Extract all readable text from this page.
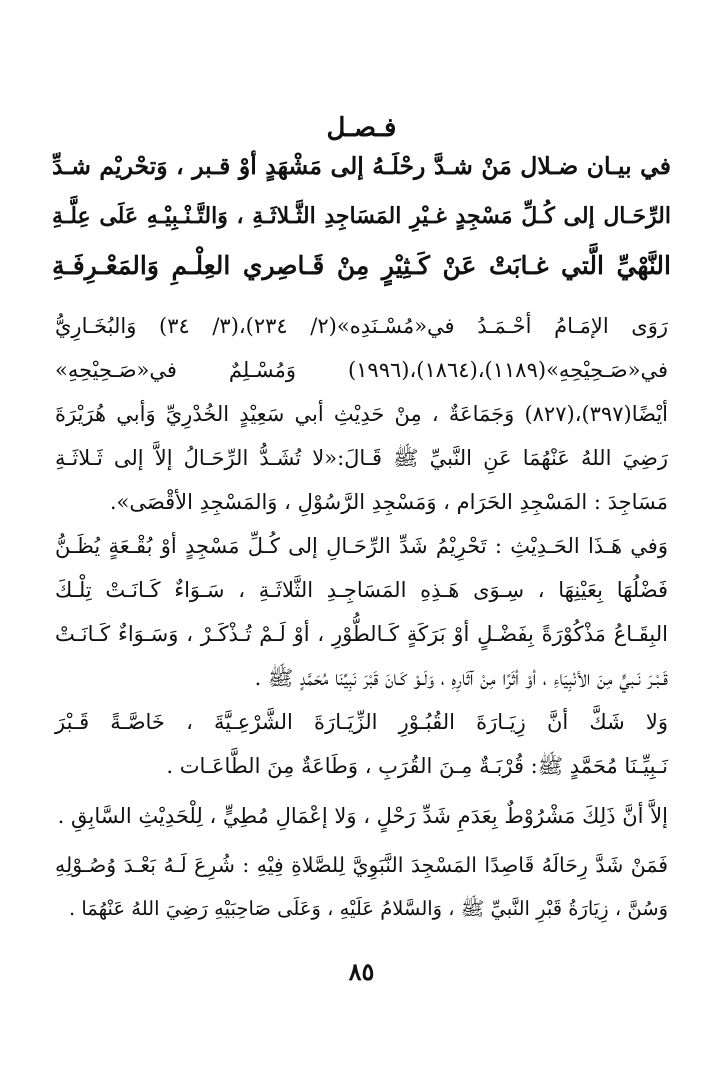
فـصـل
في بيـان ضـلال مَنْ شـدَّ رحْلَـهُ إلى مَشْهَدٍ أوْ قـبر ، وَتحْريْم شـدِّ
الرِّحَـال إلى كُـلِّ مَسْجِدٍ غـيْرِ المَسَاجِدِ الثَّـلاثَـةِ ، وَالتَّـنْـبِيْـهِ عَلَى عِلَّـةِ
النَّهْيِّ الَّتي غـابَتْ عَنْ كَـثِيْرٍ مِنْ قَـاصِري العِلْـمِ وَالمَعْـرِفَـةِ
رَوَى الإمَـامُ أحْـمَـدُ في«مُسْـنَدِه»(٢/ ٢٣٤)،(٣/ ٣٤) وَالبُخَـارِيُّ
في«صَـحِيْحِهِ»(١١٨٩)،(١٨٦٤)،(١٩٩٦) وَمُسْـلِمٌ في«صَـحِيْحِهِ»
أيْضًا(٣٩٧)،(٨٢٧) وَجَمَاعَةٌ ، مِنْ حَدِيْثِ أبي سَعِيْدٍ الخُدْرِيِّ وَأبي هُرَيْرَةَ
رَضِيَ اللهُ عَنْهُمَا عَنِ النَّبيِّ ﷺ قَـالَ:«لا تُشَـدُّ الرِّحَـالُ إلاَّ إلى ثَـلاثَـةِ
مَسَاجِدَ : المَسْجِدِ الحَرَام ، وَمَسْجِدِ الرَّسُوْلِ ، وَالمَسْجِدِ الأقْصَى».
وَفي هَـذَا الحَـدِيْثِ : تَحْرِيْمُ شَدِّ الرِّحَـالِ إلى كُـلِّ مَسْجِدٍ أوْ بُقْـعَةٍ يُظَـنُّ
فَضْلُهَا بِعَيْنِهَا ، سِـوَى هَـذِهِ المَسَاجِـدِ الثَّلاثَـةِ ، سَـوَاءٌ كَـانَـتْ تِلْـكَ
البِقَـاعُ مَذْكُوْرَةً بِفَضْـلٍ أوْ بَرَكَةٍ كَـالطُّوْرِ ، أوْ لَـمْ تُـذْكَـرْ ، وَسَـوَاءٌ كَـانَـتْ
قَـبْـرَ نَـبيٍّ مِنَ الأنْبِيَاءِ ، أوْ أثَرًا مِنْ آثَارِهِ ، وَلَـوْ كَـانَ قَبْرَ نَبِيِّنَا مُحَمَّدٍ ﷺ .
وَلا شَكَّ أنَّ زِيَـارَةَ القُبُـوْرِ الزِّيَـارَةَ الشَّرْعِـيَّةَ ، خَاصَّـةً قَـبْرَ
نَـبِيِّـنَا مُحَمَّدٍ ﷺ: قُرْبَـةٌ مِـنَ القُرَبِ ، وَطَاعَةٌ مِنَ الطَّاعَـات .
إلاَّ أنَّ ذَلِكَ مَشْرُوْطٌ بِعَدَمِ شَدِّ رَحْلٍ ، وَلا إعْمَالِ مُطِيٍّ ، لِلْحَدِيْثِ السَّابِقِ .
فَمَنْ شَدَّ رِحَالَهُ قَاصِدًا المَسْجِدَ النَّبَوِيَّ لِلصَّلاةِ فِيْهِ : شُرِعَ لَـهُ بَعْـدَ وُصُـوْلِهِ
وَسُنَّ ، زِيَارَةُ قَبْرِ النَّبيِّ ﷺ ، وَالسَّلامُ عَلَيْهِ ، وَعَلَى صَاحِبَيْهِ رَضِيَ اللهُ عَنْهُمَا .
٨٥
